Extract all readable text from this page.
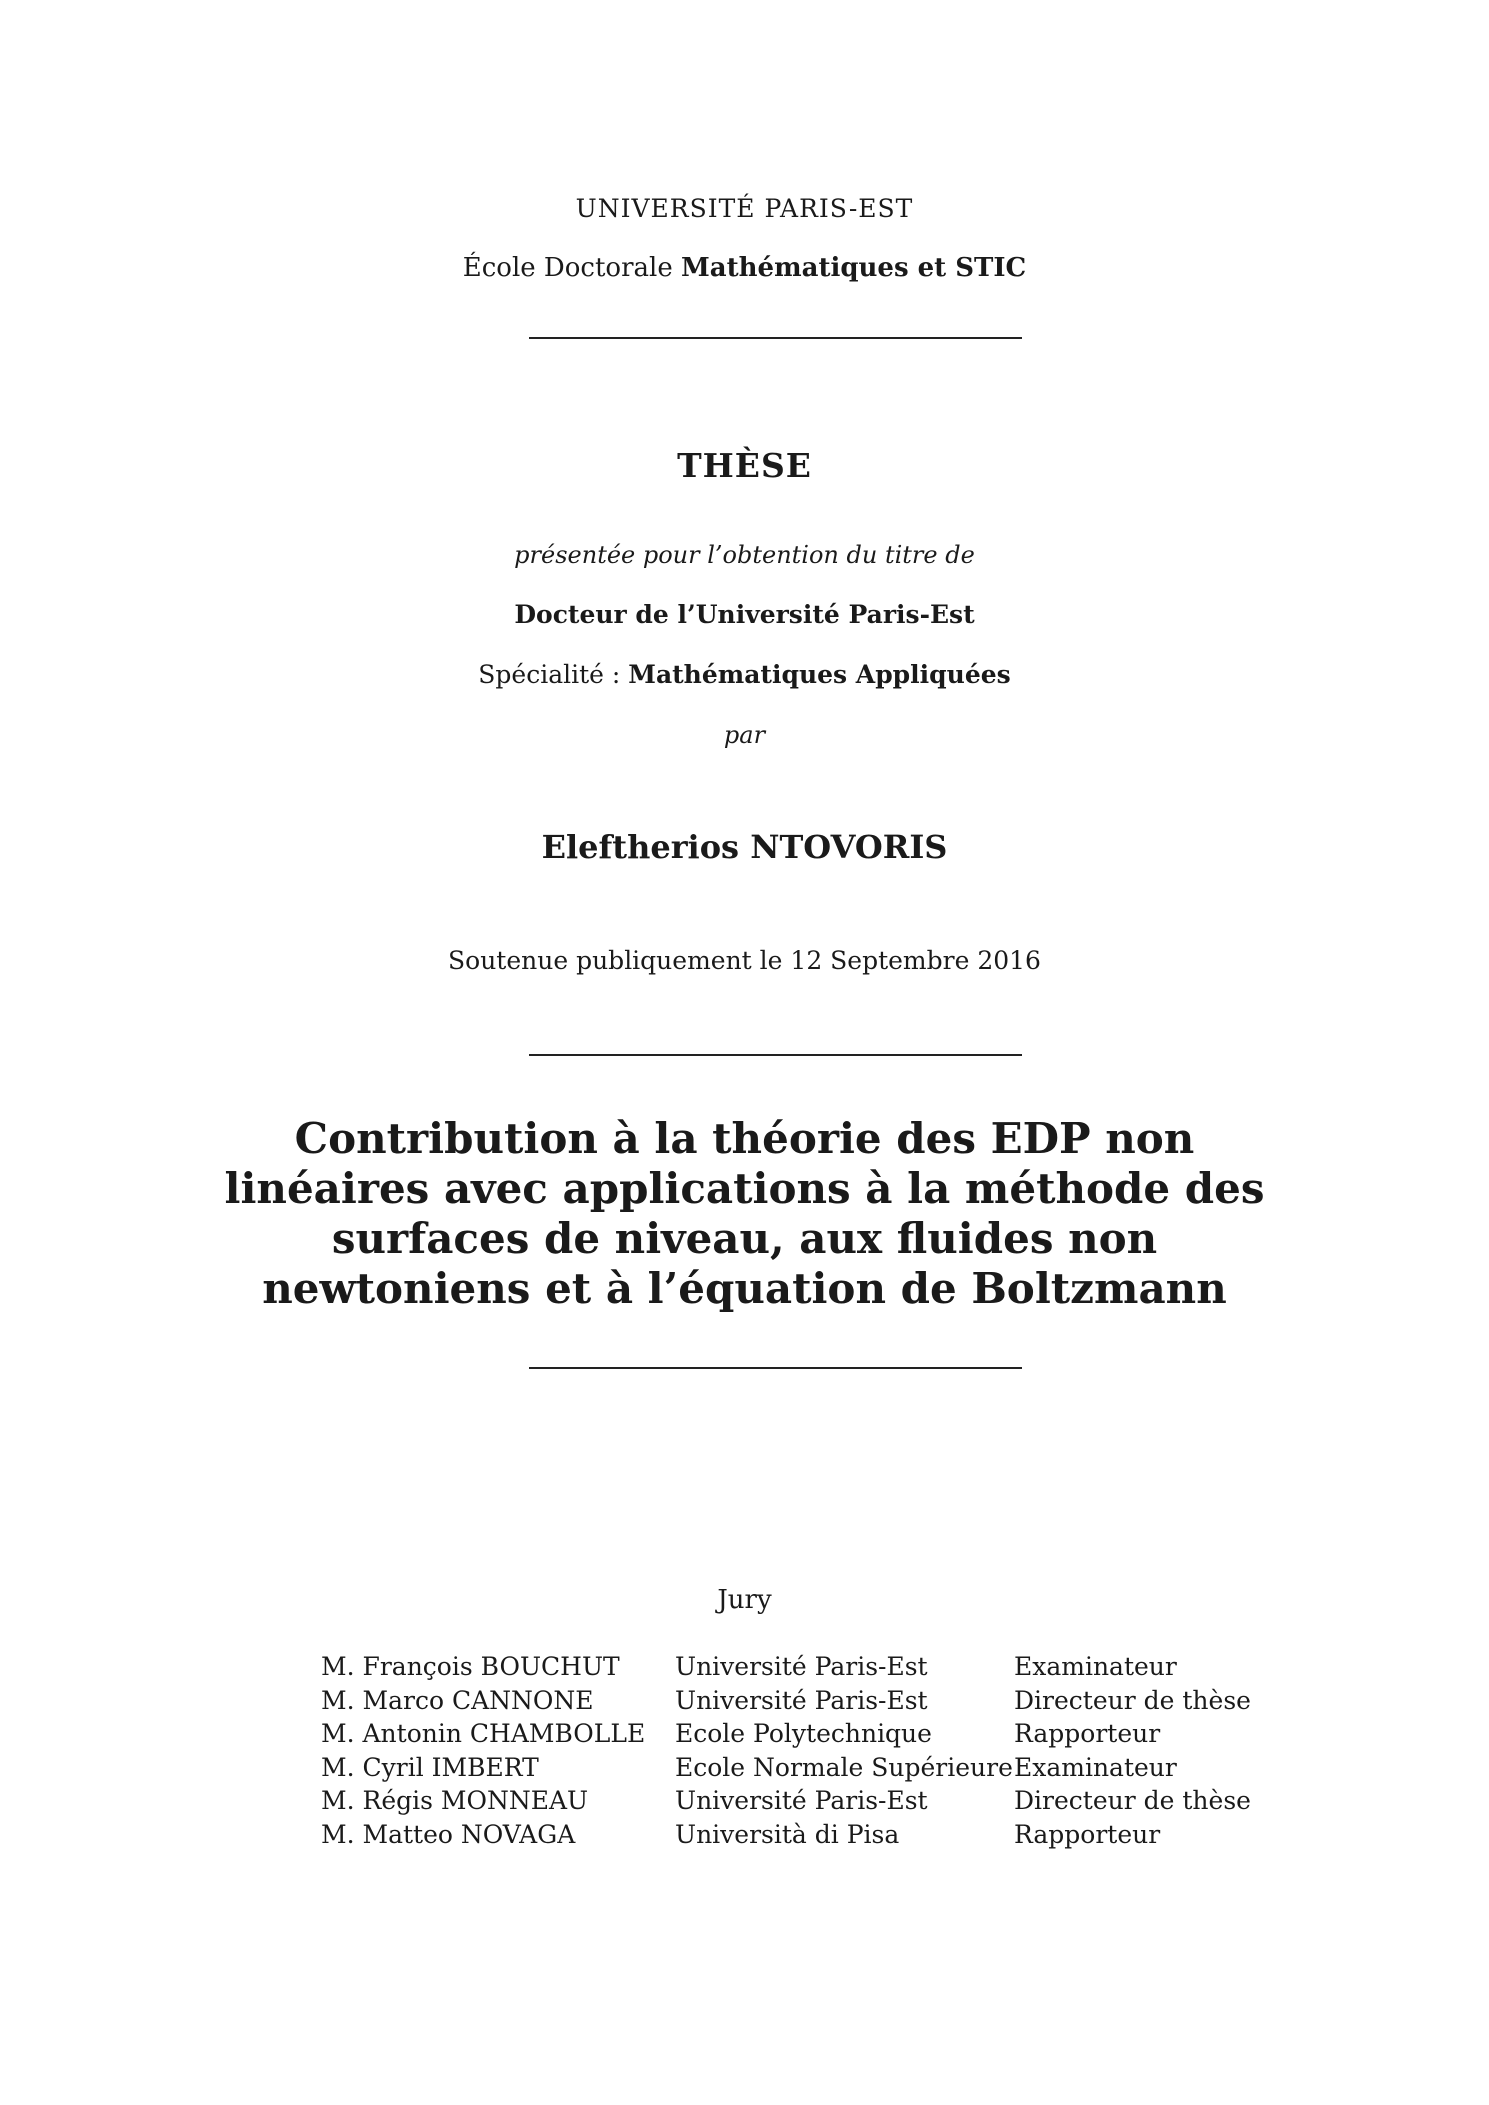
UNIVERSITÉ PARIS-EST
École Doctorale Mathématiques et STIC
THÈSE
présentée pour l’obtention du titre de
Docteur de l’Université Paris-Est
Spécialité : Mathématiques Appliquées
par
Eleftherios NTOVORIS
Soutenue publiquement le 12 Septembre 2016
Contribution à la théorie des EDP non linéaires avec applications à la méthode des surfaces de niveau, aux fluides non newtoniens et à l’équation de Boltzmann
Jury
M. François BOUCHUT	Université Paris-Est	Examinateur
M. Marco CANNONE	Université Paris-Est	Directeur de thèse
M. Antonin CHAMBOLLE	Ecole Polytechnique	Rapporteur
M. Cyril IMBERT	Ecole Normale Supérieure Examinateur
M. Régis MONNEAU	Université Paris-Est	Directeur de thèse
M. Matteo NOVAGA	Università di Pisa	Rapporteur
